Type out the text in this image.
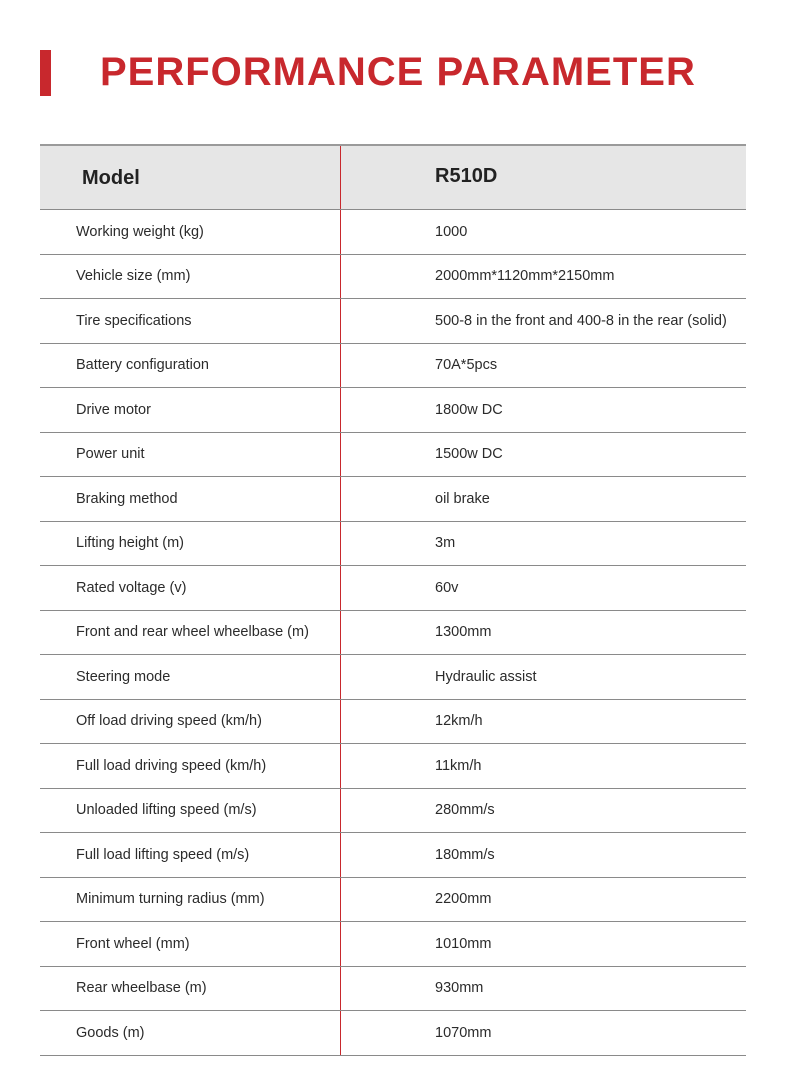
PERFORMANCE PARAMETER
Model	R510D
Working weight (kg)	1000
Vehicle size (mm)	2000mm*1120mm*2150mm
Tire specifications	500-8 in the front and 400-8 in the rear (solid)
Battery configuration	70A*5pcs
Drive motor	1800w DC
Power unit	1500w DC
Braking method	oil brake
Lifting height (m)	3m
Rated voltage (v)	60v
Front and rear wheel wheelbase (m)	1300mm
Steering mode	Hydraulic assist
Off load driving speed (km/h)	12km/h
Full load driving speed (km/h)	11km/h
Unloaded lifting speed (m/s)	280mm/s
Full load lifting speed (m/s)	180mm/s
Minimum turning radius (mm)	2200mm
Front wheel (mm)	1010mm
Rear wheelbase (m)	930mm
Goods (m)	1070mm
